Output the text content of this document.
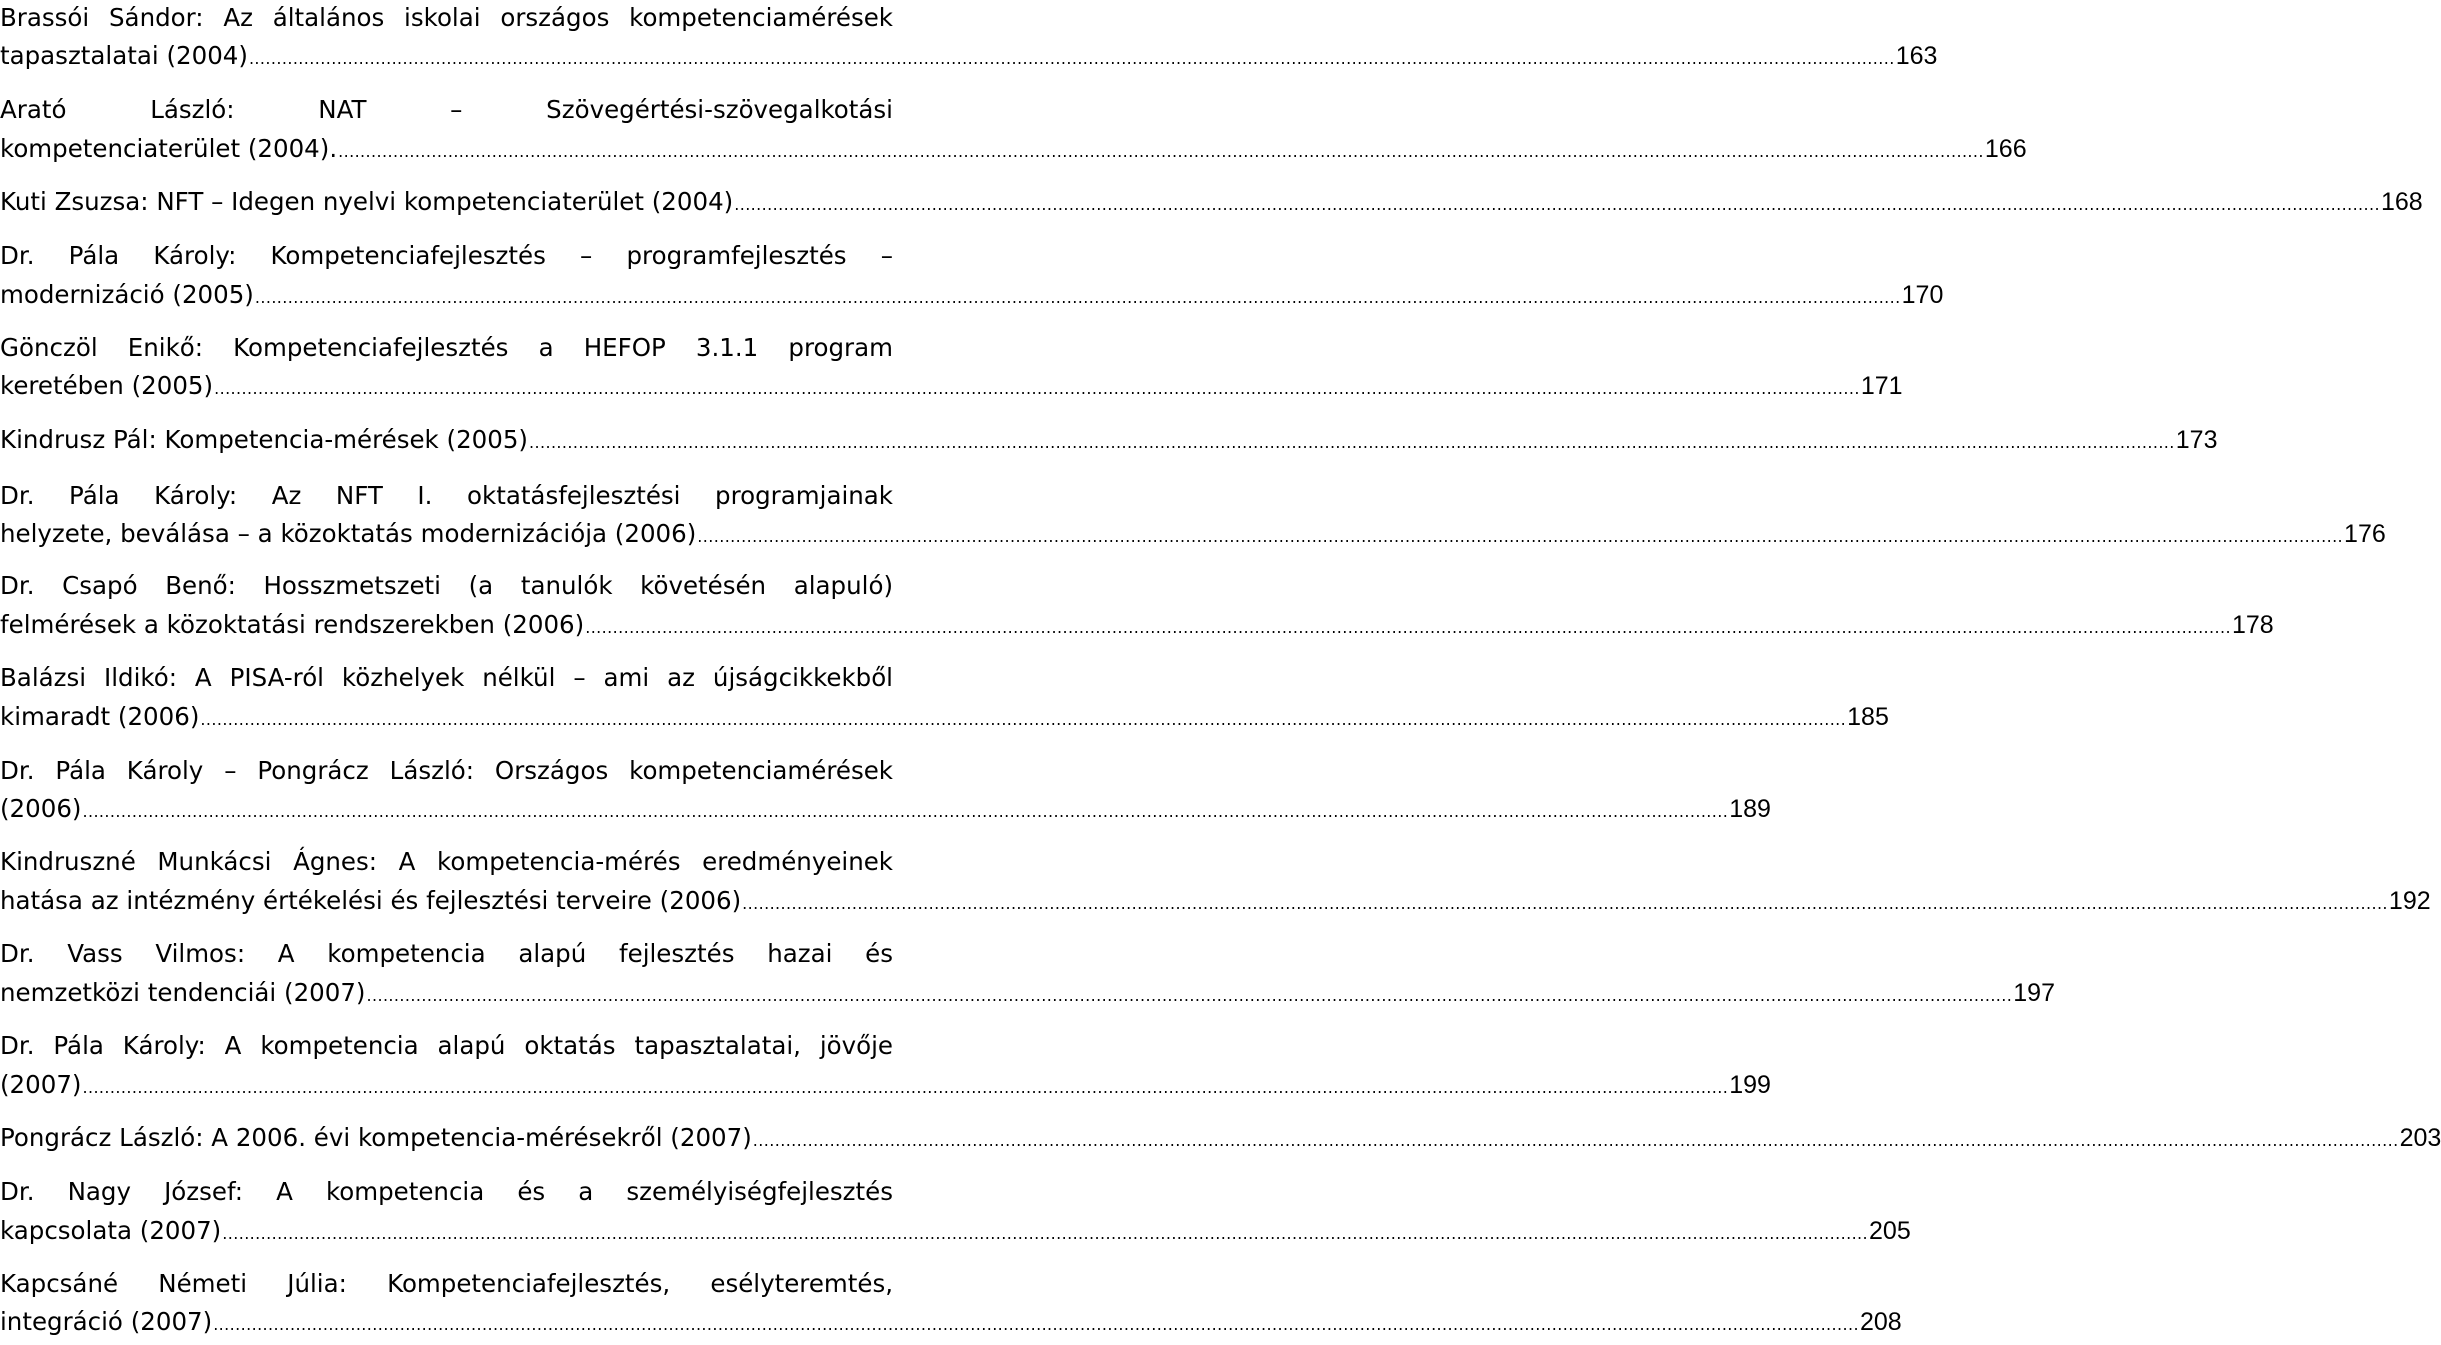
Brassói Sándor: Az általános iskolai országos kompetenciamérések
tapasztalatai (2004) ............................................................................................................................................................................................................................................................................................................ 163
Arató László: NAT – Szövegértési-szövegalkotási
kompetenciaterület (2004). ............................................................................................................................................................................................................................................................................................................ 166
Kuti Zsuzsa: NFT – Idegen nyelvi kompetenciaterület (2004) ............................................................................................................................................................................................................................................................................................................ 168
Dr. Pála Károly: Kompetenciafejlesztés – programfejlesztés –
modernizáció (2005) ............................................................................................................................................................................................................................................................................................................ 170
Gönczöl Enikő: Kompetenciafejlesztés a HEFOP 3.1.1 program
keretében (2005) ............................................................................................................................................................................................................................................................................................................ 171
Kindrusz Pál: Kompetencia-mérések (2005) ............................................................................................................................................................................................................................................................................................................ 173
Dr. Pála Károly: Az NFT I. oktatásfejlesztési programjainak
helyzete, beválása – a közoktatás modernizációja (2006) ............................................................................................................................................................................................................................................................................................................ 176
Dr. Csapó Benő: Hosszmetszeti (a tanulók követésén alapuló)
felmérések a közoktatási rendszerekben (2006) ............................................................................................................................................................................................................................................................................................................ 178
Balázsi Ildikó: A PISA-ról közhelyek nélkül – ami az újságcikkekből
kimaradt (2006) ............................................................................................................................................................................................................................................................................................................ 185
Dr. Pála Károly – Pongrácz László: Országos kompetenciamérések
(2006) ............................................................................................................................................................................................................................................................................................................ 189
Kindruszné Munkácsi Ágnes: A kompetencia-mérés eredményeinek
hatása az intézmény értékelési és fejlesztési terveire (2006) ............................................................................................................................................................................................................................................................................................................ 192
Dr. Vass Vilmos: A kompetencia alapú fejlesztés hazai és
nemzetközi tendenciái (2007) ............................................................................................................................................................................................................................................................................................................ 197
Dr. Pála Károly: A kompetencia alapú oktatás tapasztalatai, jövője
(2007) ............................................................................................................................................................................................................................................................................................................ 199
Pongrácz László: A 2006. évi kompetencia-mérésekről (2007) ............................................................................................................................................................................................................................................................................................................ 203
Dr. Nagy József: A kompetencia és a személyiségfejlesztés
kapcsolata (2007) ............................................................................................................................................................................................................................................................................................................ 205
Kapcsáné Németi Júlia: Kompetenciafejlesztés, esélyteremtés,
integráció (2007) ............................................................................................................................................................................................................................................................................................................ 208
